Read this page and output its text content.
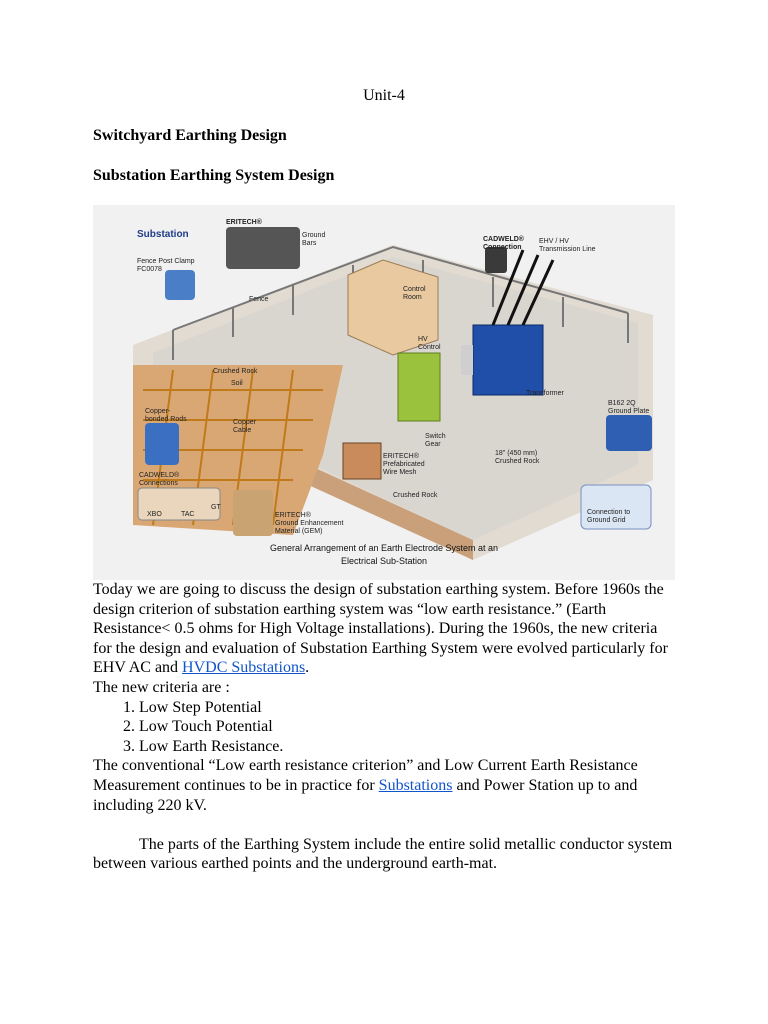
Unit-4
Switchyard Earthing Design
Substation Earthing System Design
Substation
ERITECH®
Ground Bars
Fence Post Clamp FC0078
Fence
Control Room
CADWELD® Connection
EHV / HV Transmission Line
HV Control
Transformer
Crushed Rock
Soil
Copper-bonded Rods	Copper Cable
B162 2Q Ground Plate
Switch Gear
ERITECH® Prefabricated Wire Mesh
18" (450 mm) Crushed Rock
CADWELD® Connections
XBO	TAC
GT
ERITECH® Ground Enhancement Material (GEM)
Connection to Ground Grid
Crushed Rock
General Arrangement of an Earth Electrode System at an
Electrical Sub-Station

Today we are going to discuss the design of substation earthing system. Before 1960s the design criterion of substation earthing system was “low earth resistance.” (Earth Resistance< 0.5 ohms for High Voltage installations). During the 1960s, the new criteria for the design and evaluation of Substation Earthing System were evolved particularly for EHV AC and HVDC Substations.

The new criteria are :

1. Low Step Potential
2. Low Touch Potential
3. Low Earth Resistance.

The conventional “Low earth resistance criterion” and Low Current Earth Resistance Measurement continues to be in practice for Substations and Power Station up to and including 220 kV.

The parts of the Earthing System include the entire solid metallic conductor system between various earthed points and the underground earth-mat.
